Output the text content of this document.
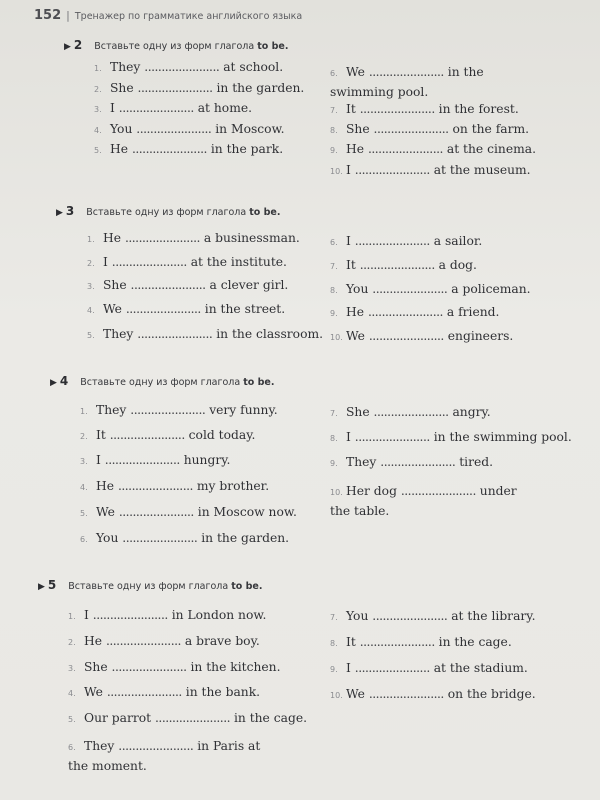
152 | Тренажер по грамматике английского языка
▶ 2 Вставьте одну из форм глагола to be.
1. They ...................... at school.
2. She ...................... in the garden.
3. I ...................... at home.
4. You ...................... in Moscow.
5. He ...................... in the park.
6. We ...................... in the swimming pool.
7. It ...................... in the forest.
8. She ...................... on the farm.
9. He ...................... at the cinema.
10. I ...................... at the museum.
▶ 3 Вставьте одну из форм глагола to be.
1. He ...................... a businessman.
2. I ...................... at the institute.
3. She ...................... a clever girl.
4. We ...................... in the street.
5. They ...................... in the classroom.
6. I ...................... a sailor.
7. It ...................... a dog.
8. You ...................... a policeman.
9. He ...................... a friend.
10. We ...................... engineers.
▶ 4 Вставьте одну из форм глагола to be.
1. They ...................... very funny.
2. It ...................... cold today.
3. I ...................... hungry.
4. He ...................... my brother.
5. We ...................... in Moscow now.
6. You ...................... in the garden.
7. She ...................... angry.
8. I ...................... in the swimming pool.
9. They ...................... tired.
10. Her dog ...................... under the table.
▶ 5 Вставьте одну из форм глагола to be.
1. I ...................... in London now.
2. He ...................... a brave boy.
3. She ...................... in the kitchen.
4. We ...................... in the bank.
5. Our parrot ...................... in the cage.
6. They ...................... in Paris at the moment.
7. You ...................... at the library.
8. It ...................... in the cage.
9. I ...................... at the stadium.
10. We ...................... on the bridge.
